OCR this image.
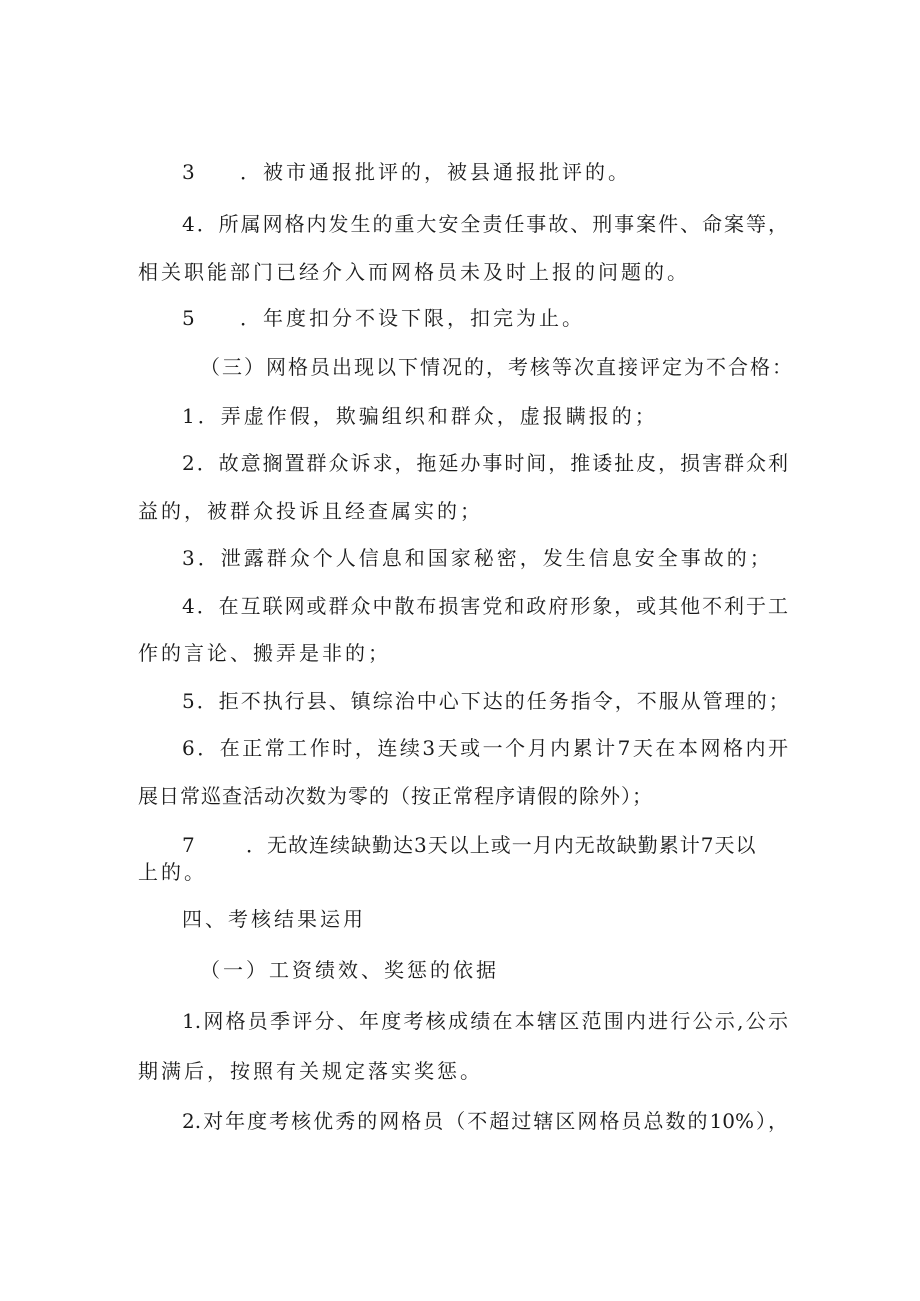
3 ．被市通报批评的，被县通报批评的。
4．所属网格内发生的重大安全责任事故、刑事案件、命案等，
相关职能部门已经介入而网格员未及时上报的问题的。
5 ．年度扣分不设下限，扣完为止。
（三）网格员出现以下情况的，考核等次直接评定为不合格：
1．弄虚作假，欺骗组织和群众，虚报瞒报的；
2．故意搁置群众诉求，拖延办事时间，推诿扯皮，损害群众利
益的，被群众投诉且经查属实的；
3．泄露群众个人信息和国家秘密，发生信息安全事故的；
4．在互联网或群众中散布损害党和政府形象，或其他不利于工
作的言论、搬弄是非的；
5．拒不执行县、镇综治中心下达的任务指令，不服从管理的；
6．在正常工作时，连续3天或一个月内累计7天在本网格内开
展日常巡查活动次数为零的（按正常程序请假的除外）；
7	．无故连续缺勤达3天以上或一月内无故缺勤累计7天以
上的。
四、考核结果运用
（一）工资绩效、奖惩的依据
1.网格员季评分、年度考核成绩在本辖区范围内进行公示,公示
期满后，按照有关规定落实奖惩。
2.对年度考核优秀的网格员（不超过辖区网格员总数的10%），
